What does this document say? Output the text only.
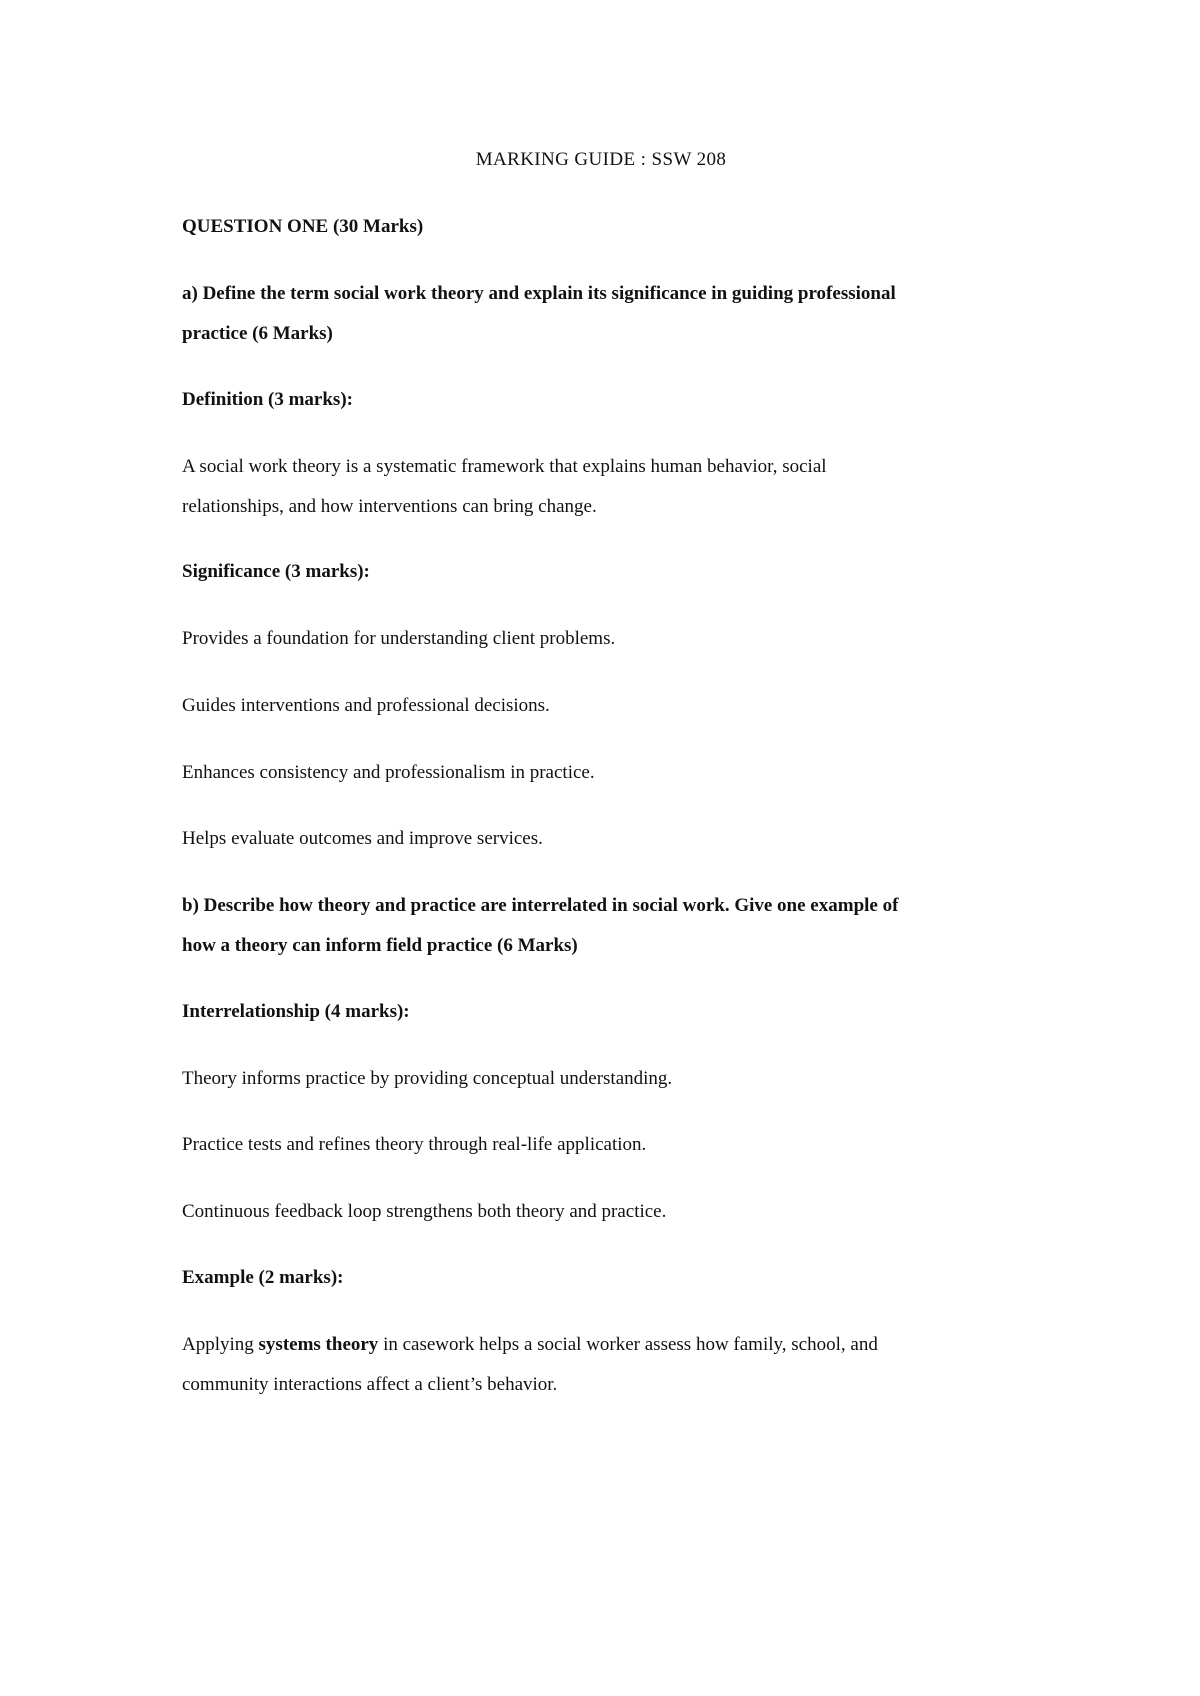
MARKING GUIDE : SSW 208
QUESTION ONE (30 Marks)
a) Define the term social work theory and explain its significance in guiding professional
practice (6 Marks)
Definition (3 marks):
A social work theory is a systematic framework that explains human behavior, social
relationships, and how interventions can bring change.
Significance (3 marks):
Provides a foundation for understanding client problems.
Guides interventions and professional decisions.
Enhances consistency and professionalism in practice.
Helps evaluate outcomes and improve services.
b) Describe how theory and practice are interrelated in social work. Give one example of
how a theory can inform field practice (6 Marks)
Interrelationship (4 marks):
Theory informs practice by providing conceptual understanding.
Practice tests and refines theory through real-life application.
Continuous feedback loop strengthens both theory and practice.
Example (2 marks):
Applying systems theory in casework helps a social worker assess how family, school, and
community interactions affect a client’s behavior.
